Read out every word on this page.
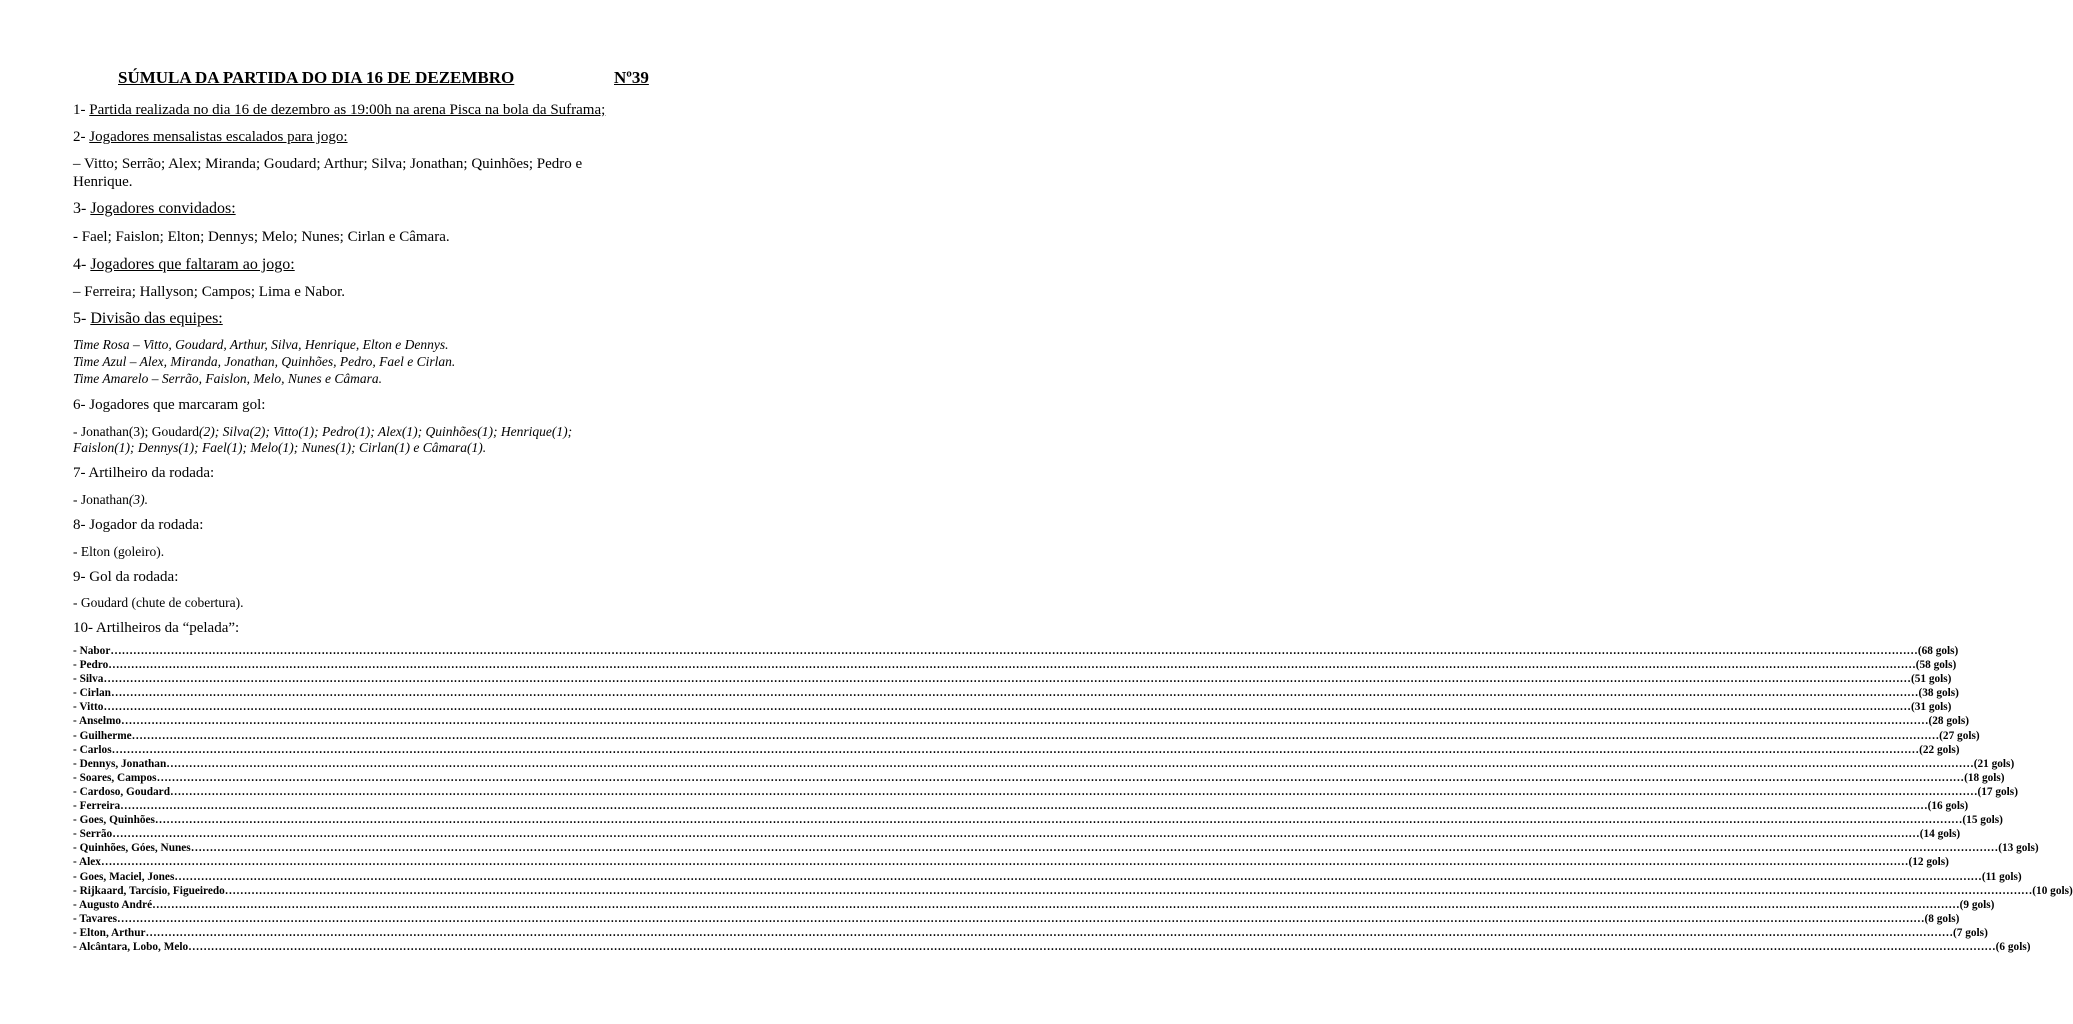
SÚMULA DA PARTIDA DO DIA 16 DE DEZEMBRO	Nº39
1- Partida realizada no dia 16 de dezembro as 19:00h na arena Pisca na bola da Suframa;
2- Jogadores mensalistas escalados para jogo:
– Vitto; Serrão; Alex; Miranda; Goudard; Arthur; Silva; Jonathan; Quinhões; Pedro e
Henrique.
3- Jogadores convidados:
- Fael; Faislon; Elton; Dennys; Melo; Nunes; Cirlan e Câmara.
4- Jogadores que faltaram ao jogo:
– Ferreira; Hallyson; Campos; Lima e Nabor.
5- Divisão das equipes:
Time Rosa – Vitto, Goudard, Arthur, Silva, Henrique, Elton e Dennys.
Time Azul – Alex, Miranda, Jonathan, Quinhões, Pedro, Fael e Cirlan.
Time Amarelo – Serrão, Faislon, Melo, Nunes e Câmara.
6- Jogadores que marcaram gol:
- Jonathan(3); Goudard(2); Silva(2); Vitto(1); Pedro(1); Alex(1); Quinhões(1); Henrique(1);
Faislon(1); Dennys(1); Fael(1); Melo(1); Nunes(1); Cirlan(1) e Câmara(1).
7- Artilheiro da rodada:
- Jonathan(3).
8- Jogador da rodada:
- Elton (goleiro).
9- Gol da rodada:
- Goudard (chute de cobertura).
10- Artilheiros da “pelada”:
- Nabor ………………………………………………………………………………………………………………………………………………………………………………………………………………………………………………………………………………………………………………………………………………………………………………………………………………………………………… (68 gols)
- Pedro ………………………………………………………………………………………………………………………………………………………………………………………………………………………………………………………………………………………………………………………………………………………………………………………………………………………………………… (58 gols)
- Silva ………………………………………………………………………………………………………………………………………………………………………………………………………………………………………………………………………………………………………………………………………………………………………………………………………………………………………… (51 gols)
- Cirlan ………………………………………………………………………………………………………………………………………………………………………………………………………………………………………………………………………………………………………………………………………………………………………………………………………………………………………… (38 gols)
- Vitto ………………………………………………………………………………………………………………………………………………………………………………………………………………………………………………………………………………………………………………………………………………………………………………………………………………………………………… (31 gols)
- Anselmo ………………………………………………………………………………………………………………………………………………………………………………………………………………………………………………………………………………………………………………………………………………………………………………………………………………………………………… (28 gols)
- Guilherme ………………………………………………………………………………………………………………………………………………………………………………………………………………………………………………………………………………………………………………………………………………………………………………………………………………………………………… (27 gols)
- Carlos ………………………………………………………………………………………………………………………………………………………………………………………………………………………………………………………………………………………………………………………………………………………………………………………………………………………………………… (22 gols)
- Dennys, Jonathan ………………………………………………………………………………………………………………………………………………………………………………………………………………………………………………………………………………………………………………………………………………………………………………………………………………………………………… (21 gols)
- Soares, Campos ………………………………………………………………………………………………………………………………………………………………………………………………………………………………………………………………………………………………………………………………………………………………………………………………………………………………………… (18 gols)
- Cardoso, Goudard ………………………………………………………………………………………………………………………………………………………………………………………………………………………………………………………………………………………………………………………………………………………………………………………………………………………………………… (17 gols)
- Ferreira ………………………………………………………………………………………………………………………………………………………………………………………………………………………………………………………………………………………………………………………………………………………………………………………………………………………………………… (16 gols)
- Goes, Quinhões ………………………………………………………………………………………………………………………………………………………………………………………………………………………………………………………………………………………………………………………………………………………………………………………………………………………………………… (15 gols)
- Serrão ………………………………………………………………………………………………………………………………………………………………………………………………………………………………………………………………………………………………………………………………………………………………………………………………………………………………………… (14 gols)
- Quinhões, Góes, Nunes ………………………………………………………………………………………………………………………………………………………………………………………………………………………………………………………………………………………………………………………………………………………………………………………………………………………………………… (13 gols)
- Alex ………………………………………………………………………………………………………………………………………………………………………………………………………………………………………………………………………………………………………………………………………………………………………………………………………………………………………… (12 gols)
- Goes, Maciel, Jones ………………………………………………………………………………………………………………………………………………………………………………………………………………………………………………………………………………………………………………………………………………………………………………………………………………………………………… (11 gols)
- Rijkaard, Tarcísio, Figueiredo ………………………………………………………………………………………………………………………………………………………………………………………………………………………………………………………………………………………………………………………………………………………………………………………………………………………………………… (10 gols)
- Augusto André ………………………………………………………………………………………………………………………………………………………………………………………………………………………………………………………………………………………………………………………………………………………………………………………………………………………………………… (9 gols)
- Tavares ………………………………………………………………………………………………………………………………………………………………………………………………………………………………………………………………………………………………………………………………………………………………………………………………………………………………………… (8 gols)
- Elton, Arthur ………………………………………………………………………………………………………………………………………………………………………………………………………………………………………………………………………………………………………………………………………………………………………………………………………………………………………… (7 gols)
- Alcântara, Lobo, Melo ………………………………………………………………………………………………………………………………………………………………………………………………………………………………………………………………………………………………………………………………………………………………………………………………………………………………………… (6 gols)
